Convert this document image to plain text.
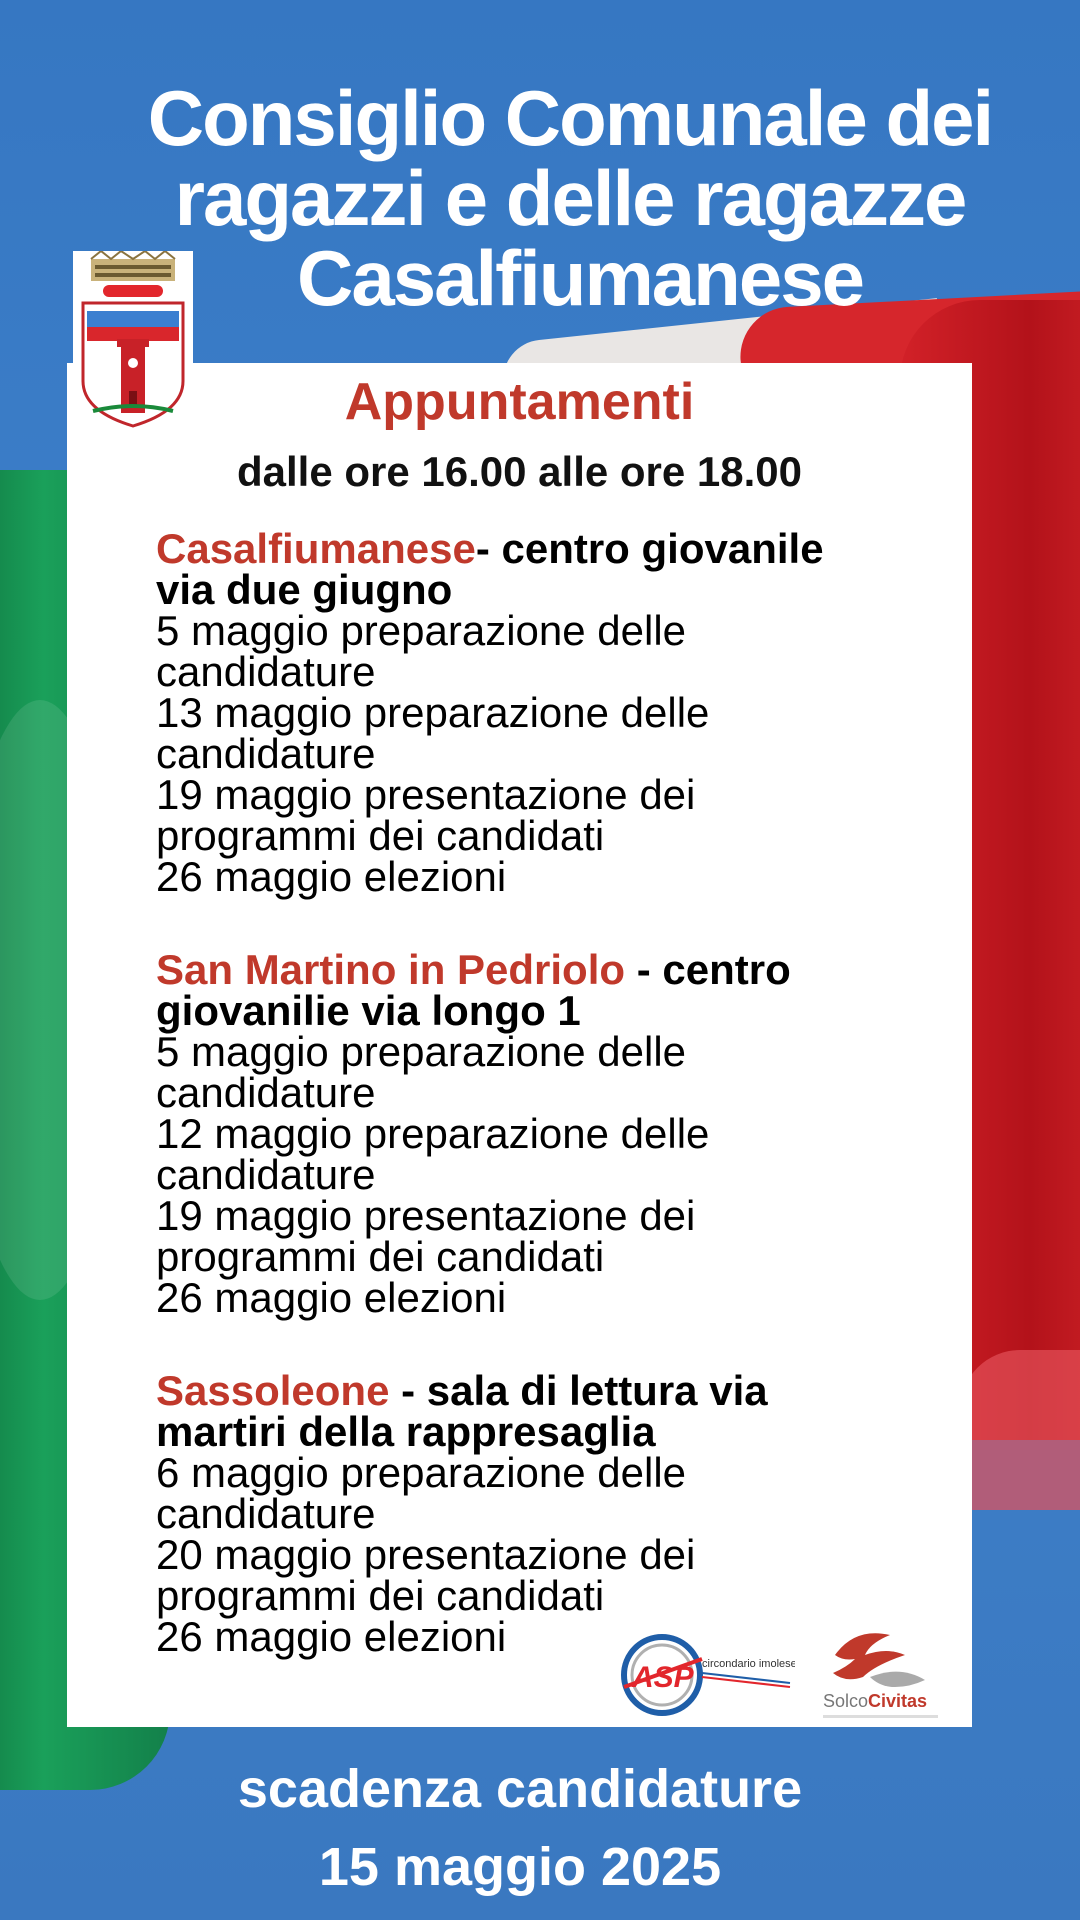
Consiglio Comunale dei
ragazzi e delle ragazze
Casalfiumanese
Appuntamenti
dalle ore 16.00 alle ore 18.00
Casalfiumanese- centro giovanile
via due giugno
5 maggio preparazione delle
candidature
13 maggio preparazione delle
candidature
19 maggio presentazione dei
programmi dei candidati
26 maggio elezioni
San Martino in Pedriolo - centro
giovanilie via longo 1
5 maggio preparazione delle
candidature
12 maggio preparazione delle
candidature
19 maggio presentazione dei
programmi dei candidati
26 maggio elezioni
Sassoleone - sala di lettura via
martiri della rappresaglia
6 maggio preparazione delle
candidature
20 maggio presentazione dei
programmi dei candidati
26 maggio elezioni
ASP circondario imolese
SolcoCivitas
scadenza candidature
15 maggio 2025
